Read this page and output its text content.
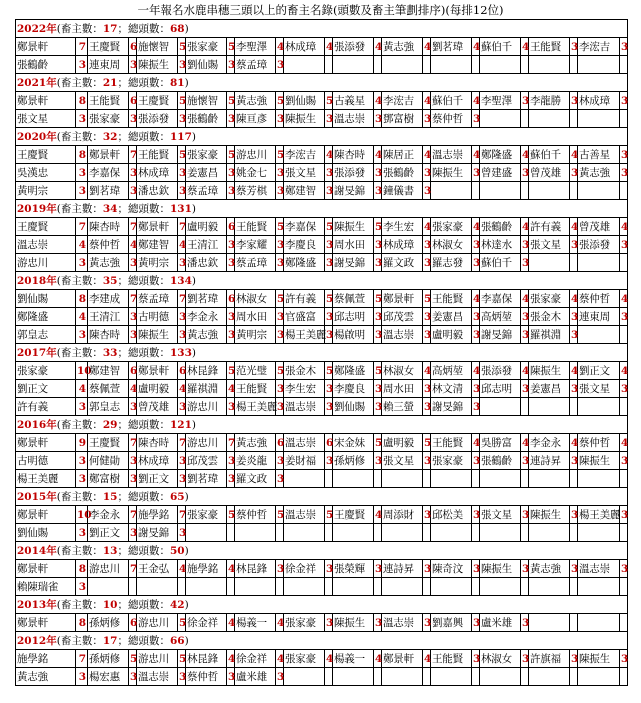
一年報名水鹿串穗三頭以上的畜主名錄(頭數及畜主筆劃排序)(每排12位)
2022年(畜主數：17；總頭數：68)																							
鄭景軒	7	王慶賢	6	施懷智	5	張家豪	5	李聖澤	4	林成璋	4	張添發	4	黃志強	4	劉茗瑋	4	蘇伯千	4	王能賢	3	李浤吉	3
張鶴齡	3	連東周	3	陳振生	3	劉仙賜	3	蔡孟璋	3														
2021年(畜主數：21；總頭數：81)																							
鄭景軒	8	王能賢	6	王慶賢	5	施懷智	5	黃志強	5	劉仙賜	5	古義星	4	李浤吉	4	蘇伯千	4	李聖澤	3	李龍勝	3	林成璋	3
張文星	3	張家豪	3	張添發	3	張鶴齡	3	陳亘彥	3	陳振生	3	溫志崇	3	鄧富樹	3	蔡仲哲	3						
2020年(畜主數：32；總頭數：117)																							
王慶賢	8	鄭景軒	7	王能賢	5	張家豪	5	游忠川	5	李浤吉	4	陳杏時	4	陳居正	4	溫志崇	4	鄭隆盛	4	蘇伯千	4	古善星	3
吳漢忠	3	李嘉保	3	林成璋	3	姜憲昌	3	姚金七	3	張文星	3	張添發	3	張鶴齡	3	陳振生	3	曾建盛	3	曾茂雄	3	黃志強	3
黃明宗	3	劉茗瑋	3	潘忠欽	3	蔡孟璋	3	蔡芳棋	3	鄭建智	3	謝旻錦	3	鐘儀書	3								
2019年(畜主數：34；總頭數：131)																							
王慶賢	7	陳杏時	7	鄭景軒	7	盧明毅	6	王能賢	5	李嘉保	5	陳振生	5	李生宏	4	張家豪	4	張鶴齡	4	許有義	4	曾茂雄	4
溫志崇	4	蔡仲哲	4	鄭建智	4	王清江	3	李家耀	3	李慶良	3	周水田	3	林成璋	3	林淑女	3	林達水	3	張文星	3	張添發	3
游忠川	3	黃志強	3	黃明宗	3	潘忠欽	3	蔡孟璋	3	鄭隆盛	3	謝旻錦	3	羅文政	3	羅志發	3	蘇伯千	3				
2018年(畜主數：35；總頭數：134)																							
劉仙賜	8	李建成	7	蔡孟璋	7	劉茗瑋	6	林淑女	5	許有義	5	蔡佩萱	5	鄭景軒	5	王能賢	4	李嘉保	4	張家豪	4	蔡仲哲	4
鄭隆盛	4	王清江	3	古明德	3	李金永	3	周水田	3	官盛富	3	邱志明	3	邱茂雲	3	姜憲昌	3	高炳堃	3	張金木	3	連東周	3
郭皇志	3	陳杏時	3	陳振生	3	黃志強	3	黃明宗	3	楊王美麗	3	楊啟明	3	溫志崇	3	盧明毅	3	謝旻錦	3	羅祺淵	3		
2017年(畜主數：33；總頭數：133)																							
張家豪	10	鄭建智	6	鄭景軒	6	林昆鋒	5	范光璧	5	張金木	5	鄭隆盛	5	林淑女	4	高炳堃	4	張添發	4	陳振生	4	劉正文	4
劉正文	4	蔡佩萱	4	盧明毅	4	羅祺淵	4	王能賢	3	李生宏	3	李慶良	3	周水田	3	林文清	3	邱志明	3	姜憲昌	3	張文星	3
許有義	3	郭皇志	3	曾茂雄	3	游忠川	3	楊王美麗	3	溫志崇	3	劉仙賜	3	賴三螢	3	謝旻錦	3						
2016年(畜主數：29；總頭數：121)																							
鄭景軒	9	王慶賢	7	陳杏時	7	游忠川	7	黃志強	6	溫志崇	6	宋金妹	5	盧明毅	5	王能賢	4	吳勝富	4	李金永	4	蔡仲哲	4
古明德	3	何健勛	3	林成璋	3	邱茂雲	3	姜炎龍	3	姜財福	3	孫炳修	3	張文星	3	張家豪	3	張鶴齡	3	連詩昇	3	陳振生	3
楊王美麗	3	鄭富樹	3	劉正文	3	劉茗瑋	3	羅文政	3														
2015年(畜主數：15；總頭數：65)																							
鄭景軒	10	李金永	7	施學銘	7	張家豪	5	蔡仲哲	5	溫志崇	5	王慶賢	4	周添財	3	邱松美	3	張文星	3	陳振生	3	楊王美麗	3
劉仙賜	3	劉正文	3	謝旻錦	3																		
2014年(畜主數：13；總頭數：50)																							
鄭景軒	8	游忠川	7	王金弘	4	施學銘	4	林昆鋒	3	徐金祥	3	張榮輝	3	連詩昇	3	陳奇汶	3	陳振生	3	黃志強	3	溫志崇	3
賴陳瑞雀	3																						
2013年(畜主數：10；總頭數：42)																							
鄭景軒	8	孫炳修	6	游忠川	5	徐金祥	4	楊義一	4	張家豪	3	陳振生	3	溫志崇	3	劉嘉興	3	盧米雄	3				
2012年(畜主數：17；總頭數：66)																							
施學銘	7	孫炳修	5	游忠川	5	林昆鋒	4	徐金祥	4	張家豪	4	楊義一	4	鄭景軒	4	王能賢	3	林淑女	3	許旗福	3	陳振生	3
黃志強	3	楊宏惠	3	溫志崇	3	蔡仲哲	3	盧米雄	3														
